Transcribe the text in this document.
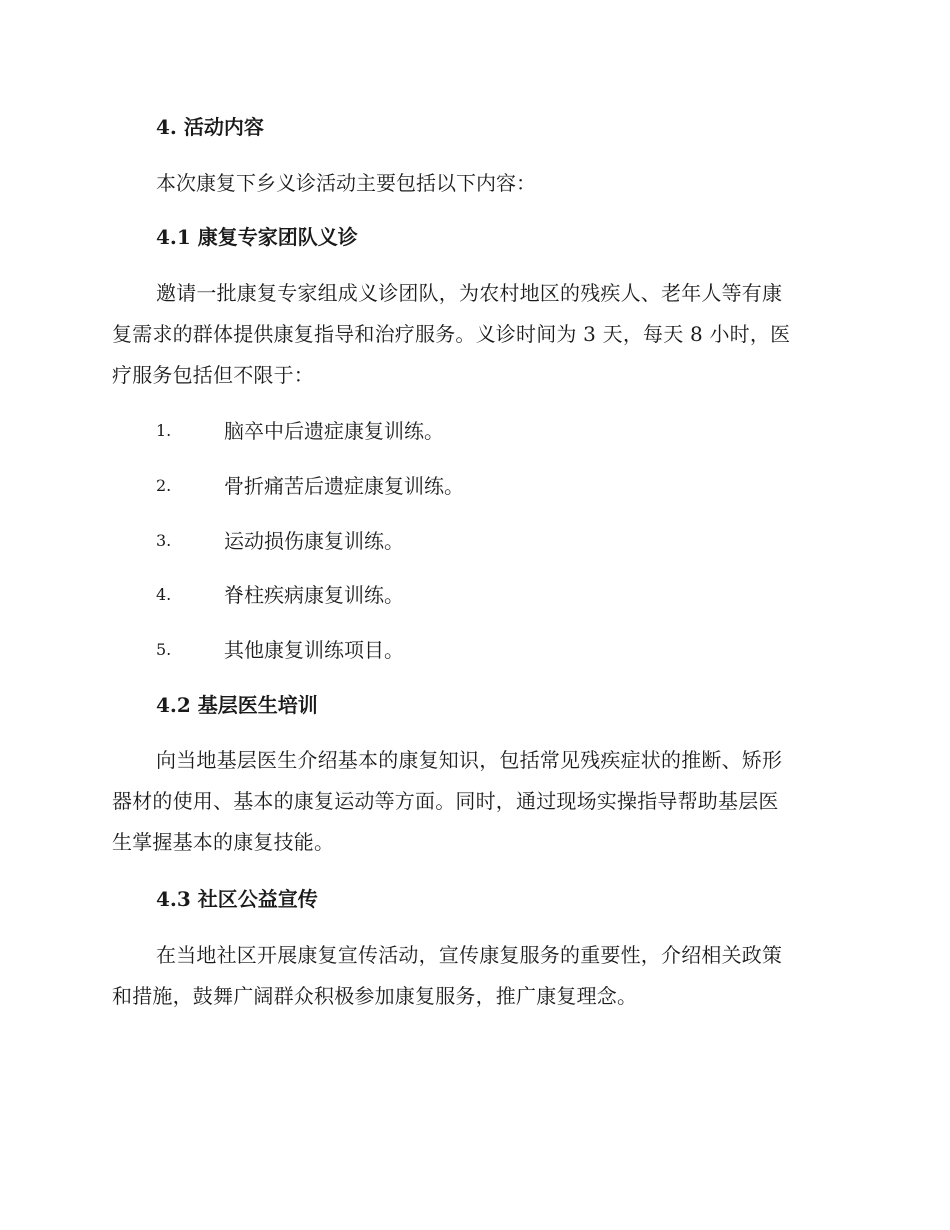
4. 活动内容
本次康复下乡义诊活动主要包括以下内容：
4.1 康复专家团队义诊
邀请一批康复专家组成义诊团队，为农村地区的残疾人、老年人等有康
复需求的群体提供康复指导和治疗服务。义诊时间为 3 天，每天 8 小时，医
疗服务包括但不限于：
1.	脑卒中后遗症康复训练。
2.	骨折痛苦后遗症康复训练。
3.	运动损伤康复训练。
4.	脊柱疾病康复训练。
5.	其他康复训练项目。
4.2 基层医生培训
向当地基层医生介绍基本的康复知识，包括常见残疾症状的推断、矫形
器材的使用、基本的康复运动等方面。同时，通过现场实操指导帮助基层医
生掌握基本的康复技能。
4.3 社区公益宣传
在当地社区开展康复宣传活动，宣传康复服务的重要性，介绍相关政策
和措施，鼓舞广阔群众积极参加康复服务，推广康复理念。
